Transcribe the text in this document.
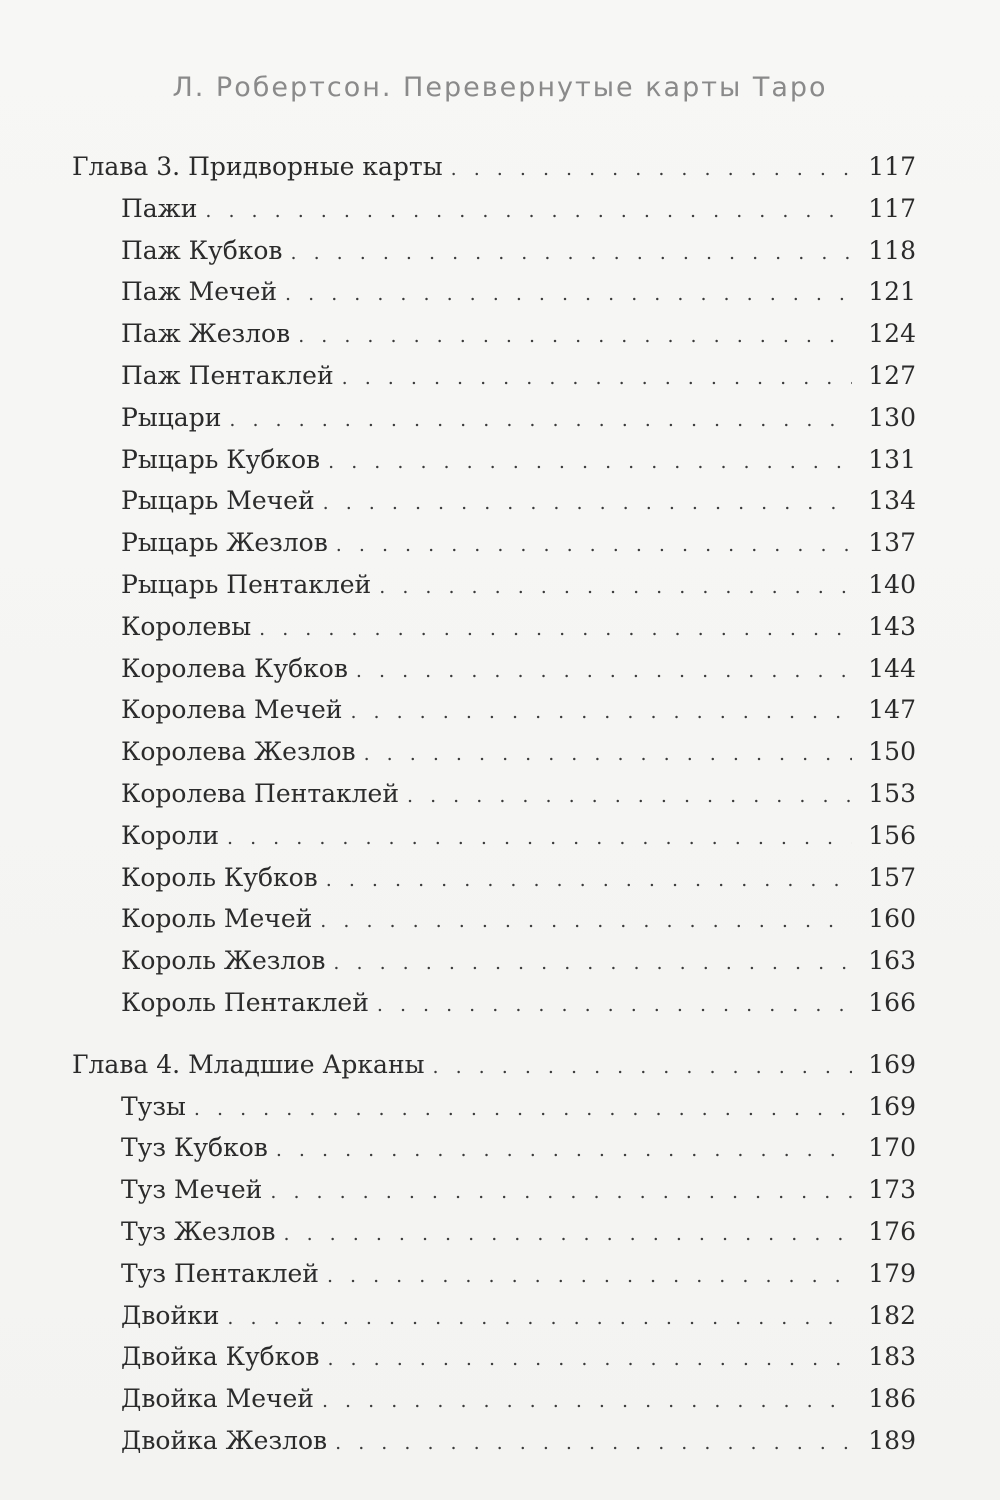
Л. Робертсон. Перевернутые карты Таро
Глава 3. Придворные карты . . .	117
Пажи . . .	117
Паж Кубков . . .	118
Паж Мечей . . .	121
Паж Жезлов . . .	124
Паж Пентаклей . . .	127
Рыцари . . .	130
Рыцарь Кубков . . .	131
Рыцарь Мечей . . .	134
Рыцарь Жезлов . . .	137
Рыцарь Пентаклей . . .	140
Королевы . . .	143
Королева Кубков . . .	144
Королева Мечей . . .	147
Королева Жезлов . . .	150
Королева Пентаклей . . .	153
Короли . . .	156
Король Кубков . . .	157
Король Мечей . . .	160
Король Жезлов . . .	163
Король Пентаклей . . .	166
Глава 4. Младшие Арканы . . .	169
Тузы . . .	169
Туз Кубков . . .	170
Туз Мечей . . .	173
Туз Жезлов . . .	176
Туз Пентаклей . . .	179
Двойки . . .	182
Двойка Кубков . . .	183
Двойка Мечей . . .	186
Двойка Жезлов . . .	189
